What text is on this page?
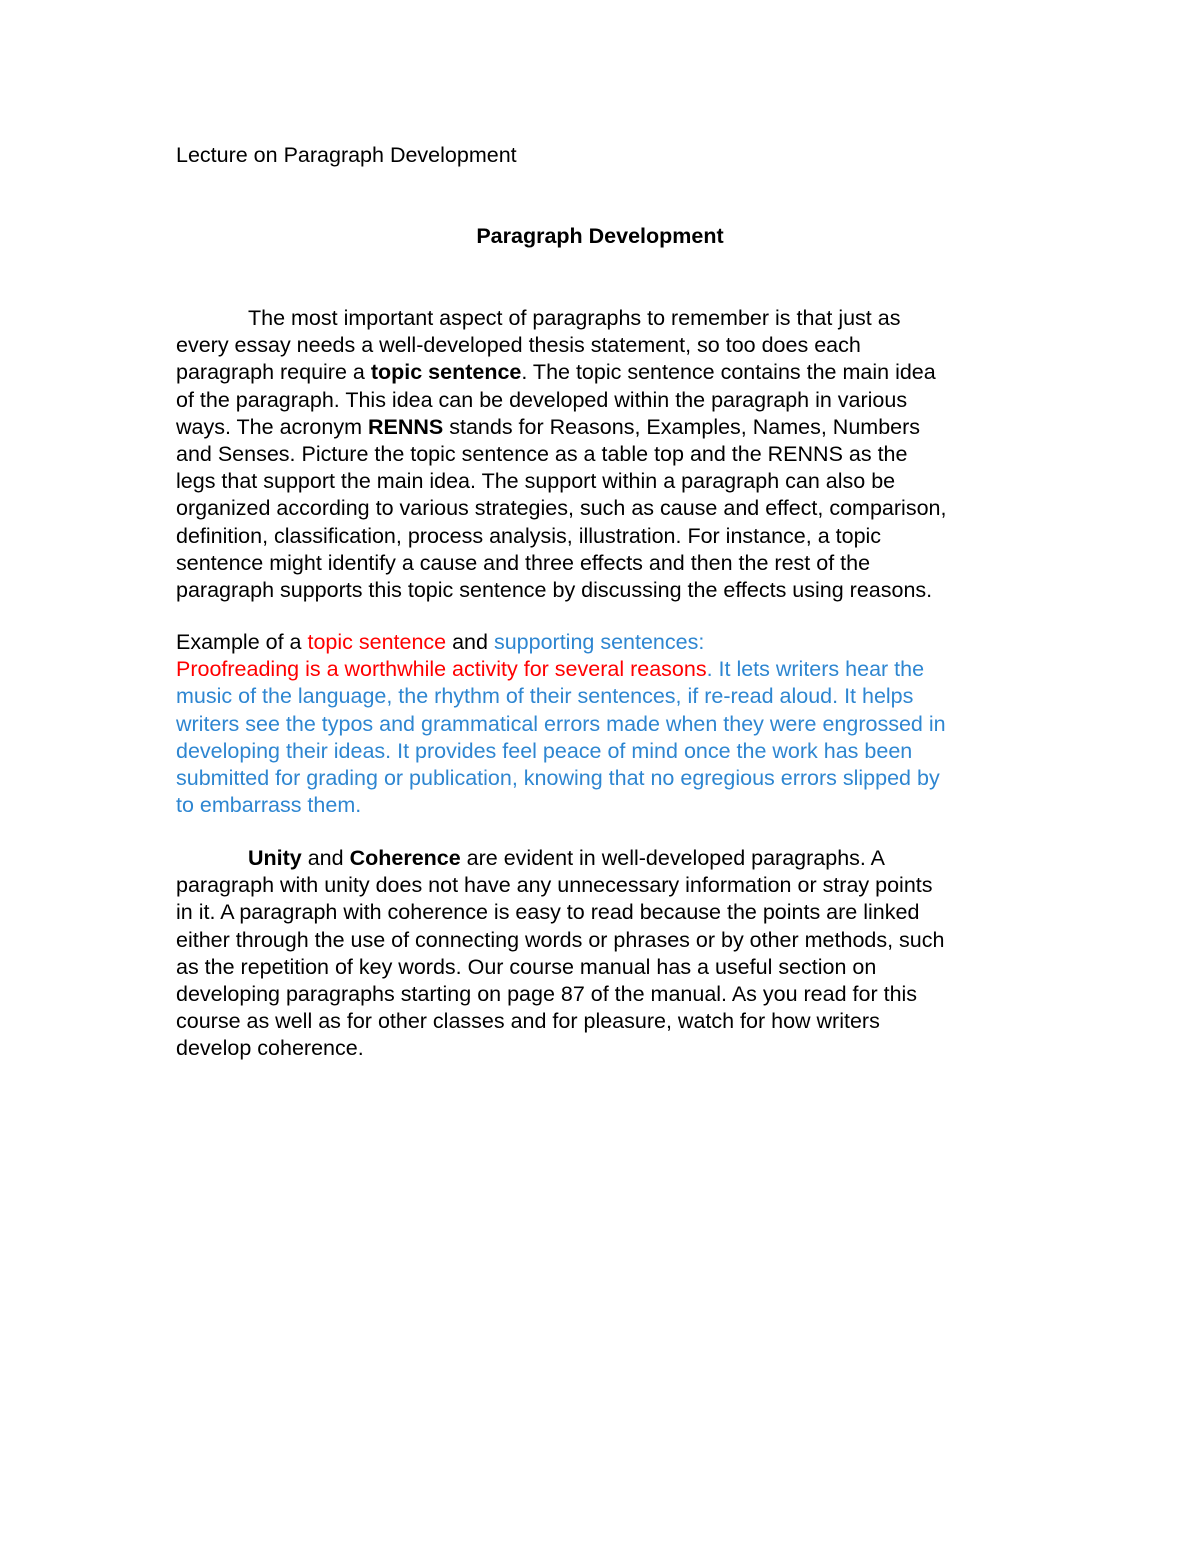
Lecture on Paragraph Development
Paragraph Development
The most important aspect of paragraphs to remember is that just as
every essay needs a well-developed thesis statement, so too does each
paragraph require a topic sentence. The topic sentence contains the main idea
of the paragraph. This idea can be developed within the paragraph in various
ways. The acronym RENNS stands for Reasons, Examples, Names, Numbers
and Senses. Picture the topic sentence as a table top and the RENNS as the
legs that support the main idea. The support within a paragraph can also be
organized according to various strategies, such as cause and effect, comparison,
definition, classification, process analysis, illustration. For instance, a topic
sentence might identify a cause and three effects and then the rest of the
paragraph supports this topic sentence by discussing the effects using reasons.
Example of a topic sentence and supporting sentences:
Proofreading is a worthwhile activity for several reasons. It lets writers hear the
music of the language, the rhythm of their sentences, if re-read aloud. It helps
writers see the typos and grammatical errors made when they were engrossed in
developing their ideas. It provides feel peace of mind once the work has been
submitted for grading or publication, knowing that no egregious errors slipped by
to embarrass them.
Unity and Coherence are evident in well-developed paragraphs. A
paragraph with unity does not have any unnecessary information or stray points
in it. A paragraph with coherence is easy to read because the points are linked
either through the use of connecting words or phrases or by other methods, such
as the repetition of key words. Our course manual has a useful section on
developing paragraphs starting on page 87 of the manual. As you read for this
course as well as for other classes and for pleasure, watch for how writers
develop coherence.
